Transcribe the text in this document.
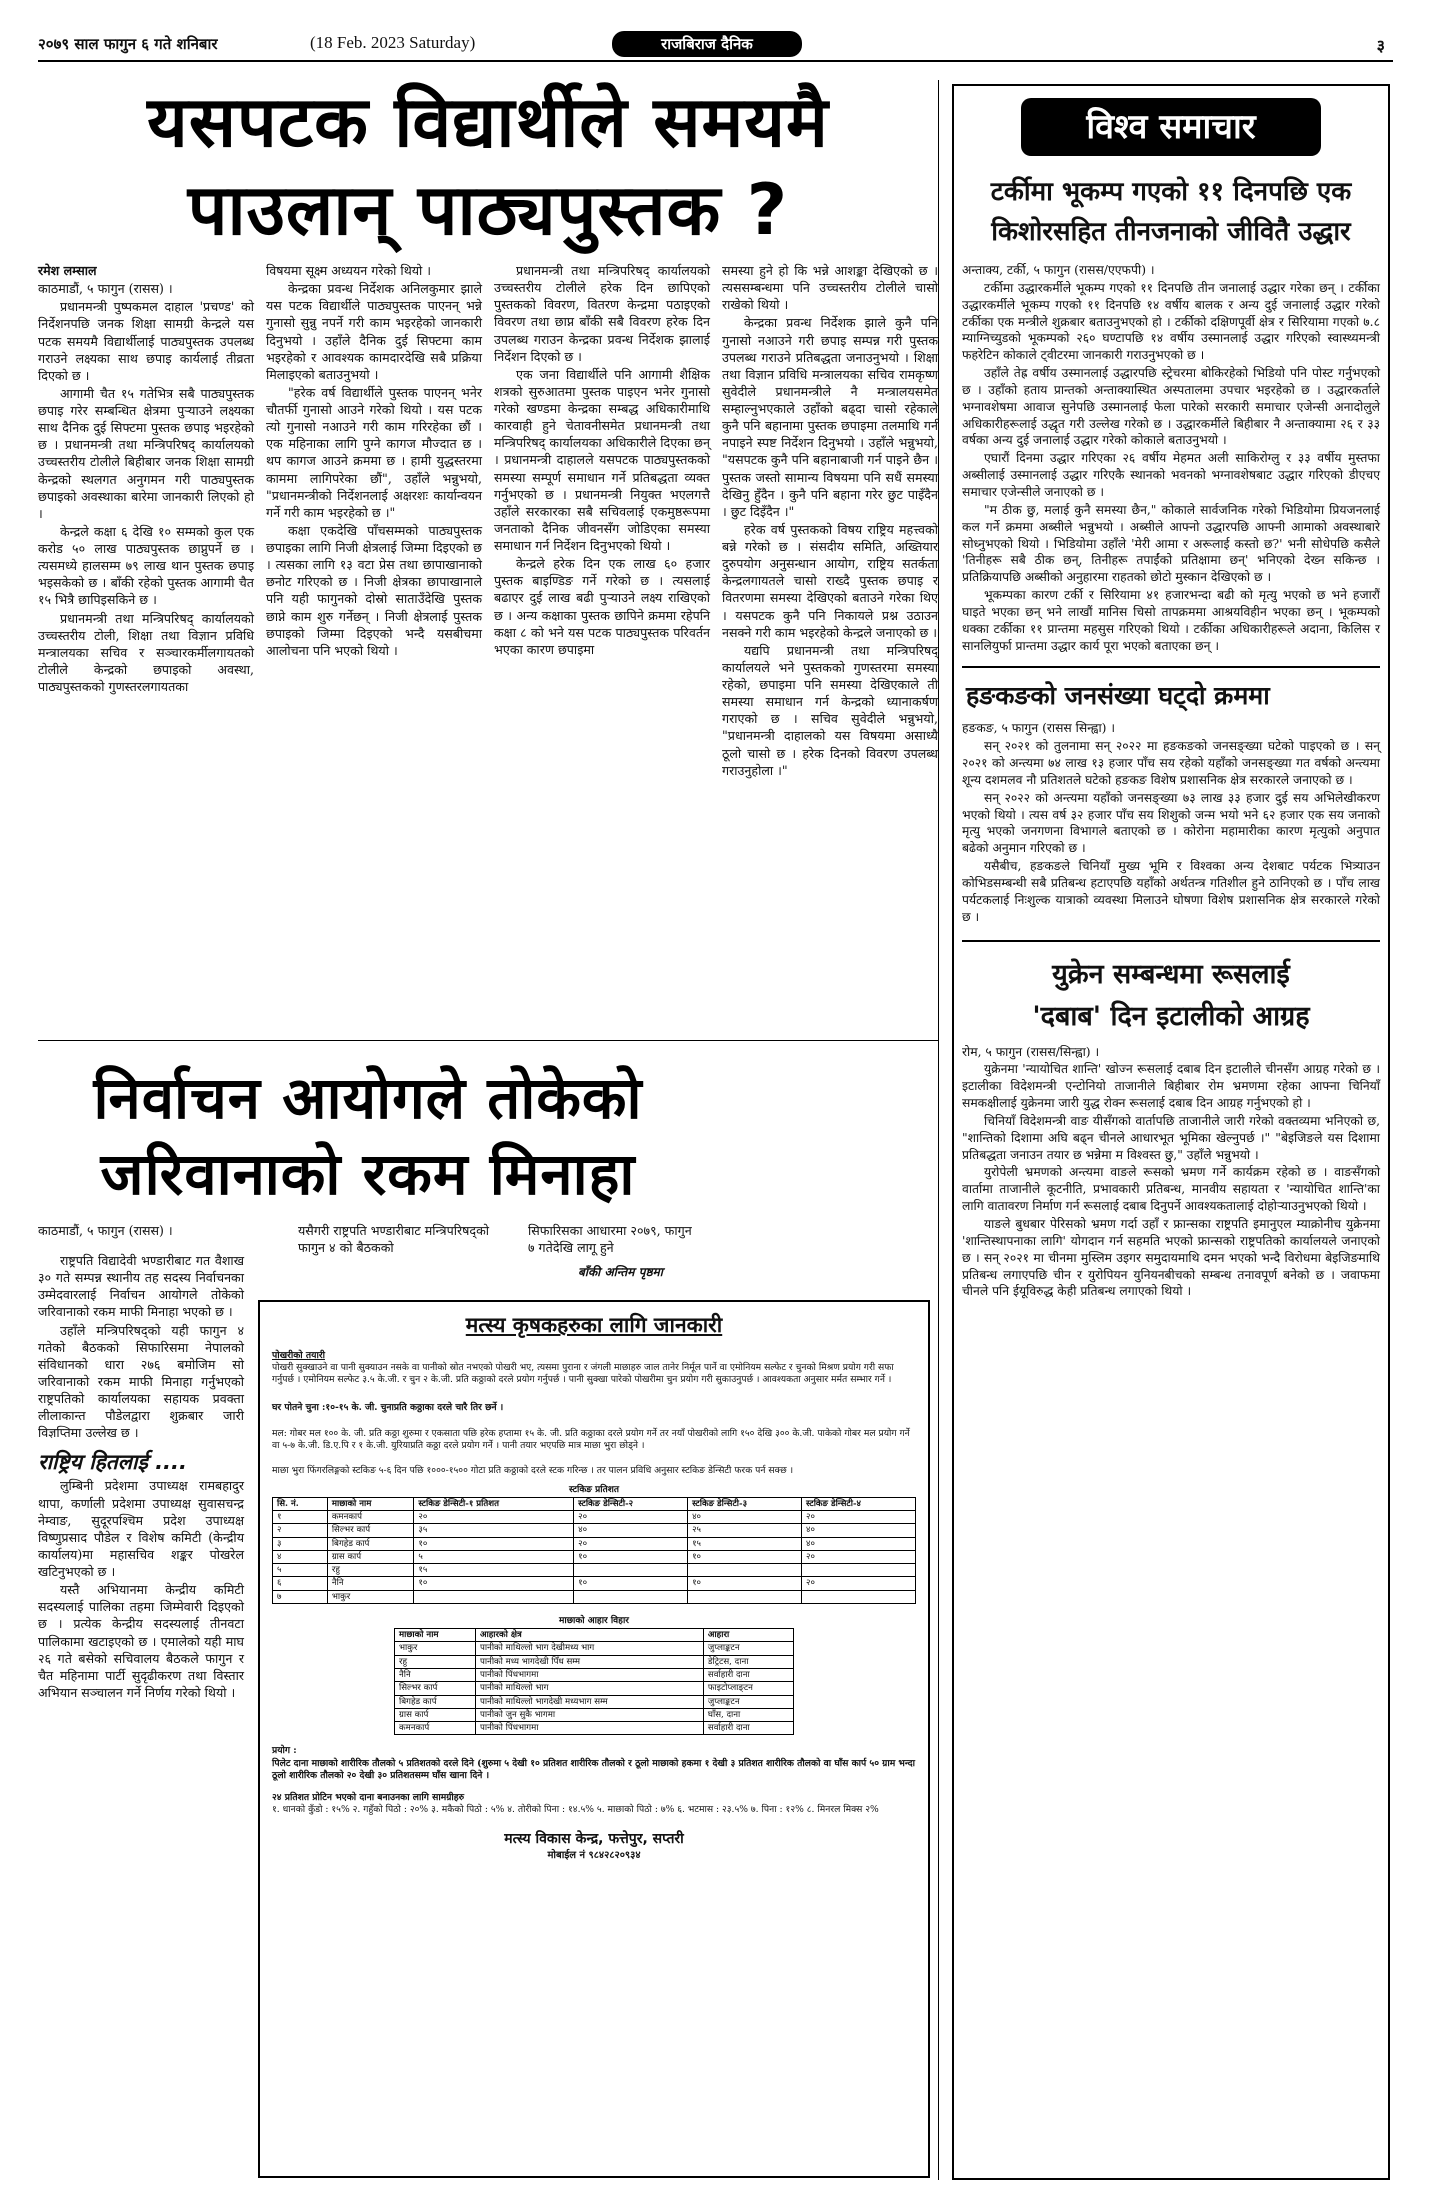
२०७९ साल फागुन ६ गते शनिबार	(18 Feb. 2023 Saturday)	राजबिराज दैनिक	३
यसपटक विद्यार्थीले समयमै
पाउलान् पाठ्यपुस्तक ?

रमेश लम्साल

काठमाडौं, ५ फागुन (रासस) ।

प्रधानमन्त्री पुष्पकमल दाहाल 'प्रचण्ड' को निर्देशनपछि जनक शिक्षा सामग्री केन्द्रले यस पटक समयमै विद्यार्थीलाई पाठ्यपुस्तक उपलब्ध गराउने लक्ष्यका साथ छपाइ कार्यलाई तीव्रता दिएको छ ।

आगामी चैत १५ गतेभित्र सबै पाठ्यपुस्तक छपाइ गरेर सम्बन्धित क्षेत्रमा पुर्‍याउने लक्ष्यका साथ दैनिक दुई सिफ्टमा पुस्तक छपाइ भइरहेको छ । प्रधानमन्त्री तथा मन्त्रिपरिषद् कार्यालयको उच्चस्तरीय टोलीले बिहीबार जनक शिक्षा सामग्री केन्द्रको स्थलगत अनुगमन गरी पाठ्यपुस्तक छपाइको अवस्थाका बारेमा जानकारी लिएको हो ।

केन्द्रले कक्षा ६ देखि १० सम्मको कुल एक करोड ५० लाख पाठ्यपुस्तक छाप्नुपर्ने छ । त्यसमध्ये हालसम्म ७९ लाख थान पुस्तक छपाइ भइसकेको छ । बाँकी रहेको पुस्तक आगामी चैत १५ भित्रै छापिइसकिने छ ।

प्रधानमन्त्री तथा मन्त्रिपरिषद् कार्यालयको उच्चस्तरीय टोली, शिक्षा तथा विज्ञान प्रविधि मन्त्रालयका सचिव र सञ्चारकर्मीलगायतको टोलीले केन्द्रको छपाइको अवस्था, पाठ्यपुस्तकको गुणस्तरलगायतका

विषयमा सूक्ष्म अध्ययन गरेको थियो ।

केन्द्रका प्रवन्ध निर्देशक अनिलकुमार झाले यस पटक विद्यार्थीले पाठ्यपुस्तक पाएनन् भन्ने गुनासो सुन्नु नपर्ने गरी काम भइरहेको जानकारी दिनुभयो । उहाँले दैनिक दुई सिफ्टमा काम भइरहेको र आवश्यक कामदारदेखि सबै प्रक्रिया मिलाइएको बताउनुभयो ।

"हरेक वर्ष विद्यार्थीले पुस्तक पाएनन् भनेर चौतर्फी गुनासो आउने गरेको थियो । यस पटक त्यो गुनासो नआउने गरी काम गरिरहेका छौं । एक महिनाका लागि पुग्ने कागज मौज्दात छ । थप कागज आउने क्रममा छ । हामी युद्धस्तरमा काममा लागिपरेका छौं", उहाँले भन्नुभयो, "प्रधानमन्त्रीको निर्देशनलाई अक्षरशः कार्यान्वयन गर्ने गरी काम भइरहेको छ ।"

कक्षा एकदेखि पाँचसम्मको पाठ्यपुस्तक छपाइका लागि निजी क्षेत्रलाई जिम्मा दिइएको छ । त्यसका लागि १३ वटा प्रेस तथा छापाखानाको छनोट गरिएको छ । निजी क्षेत्रका छापाखानाले पनि यही फागुनको दोस्रो साताउँदेखि पुस्तक छाप्ने काम शुरु गर्नेछन् । निजी क्षेत्रलाई पुस्तक छपाइको जिम्मा दिइएको भन्दै यसबीचमा आलोचना पनि भएको थियो ।

प्रधानमन्त्री तथा मन्त्रिपरिषद् कार्यालयको उच्चस्तरीय टोलीले हरेक दिन छापिएको पुस्तकको विवरण, वितरण केन्द्रमा पठाइएको विवरण तथा छाप्न बाँकी सबै विवरण हरेक दिन उपलब्ध गराउन केन्द्रका प्रवन्ध निर्देशक झालाई निर्देशन दिएको छ ।

एक जना विद्यार्थीले पनि आगामी शैक्षिक शत्रको सुरुआतमा पुस्तक पाइएन भनेर गुनासो गरेको खण्डमा केन्द्रका सम्बद्ध अधिकारीमाथि कारवाही हुने चेतावनीसमेत प्रधानमन्त्री तथा मन्त्रिपरिषद् कार्यालयका अधिकारीले दिएका छन् । प्रधानमन्त्री दाहालले यसपटक पाठ्यपुस्तकको समस्या सम्पूर्ण समाधान गर्ने प्रतिबद्धता व्यक्त गर्नुभएको छ । प्रधानमन्त्री नियुक्त भएलगत्तै उहाँले सरकारका सबै सचिवलाई एकमुष्ठरूपमा जनताको दैनिक जीवनसँग जोडिएका समस्या समाधान गर्न निर्देशन दिनुभएको थियो ।

केन्द्रले हरेक दिन एक लाख ६० हजार पुस्तक बाइण्डिङ गर्ने गरेको छ । त्यसलाई बढाएर दुई लाख बढी पुर्‍याउने लक्ष्य राखिएको छ । अन्य कक्षाका पुस्तक छापिने क्रममा रहेपनि कक्षा ८ को भने यस पटक पाठ्यपुस्तक परिवर्तन भएका कारण छपाइमा

समस्या हुने हो कि भन्ने आशङ्का देखिएको छ । त्यससम्बन्धमा पनि उच्चस्तरीय टोलीले चासो राखेको थियो ।

केन्द्रका प्रवन्ध निर्देशक झाले कुनै पनि गुनासो नआउने गरी छपाइ सम्पन्न गरी पुस्तक उपलब्ध गराउने प्रतिबद्धता जनाउनुभयो । शिक्षा तथा विज्ञान प्रविधि मन्त्रालयका सचिव रामकृष्ण सुवेदीले प्रधानमन्त्रीले नै मन्त्रालयसमेत सम्हाल्नुभएकाले उहाँको बढ्दा चासो रहेकाले कुनै पनि बहानामा पुस्तक छपाइमा तलमाथि गर्न नपाइने स्पष्ट निर्देशन दिनुभयो । उहाँले भन्नुभयो, "यसपटक कुनै पनि बहानाबाजी गर्न पाइने छैन । पुस्तक जस्तो सामान्य विषयमा पनि सधैं समस्या देखिनु हुँदैन । कुनै पनि बहाना गरेर छुट पाइँदैन । छुट दिइँदैन ।"

हरेक वर्ष पुस्तकको विषय राष्ट्रिय महत्त्वको बन्ने गरेको छ । संसदीय समिति, अख्तियार दुरुपयोग अनुसन्धान आयोग, राष्ट्रिय सतर्कता केन्द्रलगायतले चासो राख्दै पुस्तक छपाइ र वितरणमा समस्या देखिएको बताउने गरेका थिए । यसपटक कुनै पनि निकायले प्रश्न उठाउन नसक्ने गरी काम भइरहेको केन्द्रले जनाएको छ ।

यद्यपि प्रधानमन्त्री तथा मन्त्रिपरिषद् कार्यालयले भने पुस्तकको गुणस्तरमा समस्या रहेको, छपाइमा पनि समस्या देखिएकाले ती समस्या समाधान गर्न केन्द्रको ध्यानाकर्षण गराएको छ । सचिव सुवेदीले भन्नुभयो, "प्रधानमन्त्री दाहालको यस विषयमा असाध्यै ठूलो चासो छ । हरेक दिनको विवरण उपलब्ध गराउनुहोला ।"

निर्वाचन आयोगले तोकेको
जरिवानाको रकम मिनाहा
काठमाडौं, ५ फागुन (रासस) ।	यसैगरी राष्ट्रपति भण्डारीबाट मन्त्रिपरिषद्को फागुन ४ को बैठकको
सिफारिसका आधारमा २०७९, फागुन ७ गतेदेखि लागू हुने
बाँकी अन्तिम पृष्ठमा

राष्ट्रपति विद्यादेवी भण्डारीबाट गत वैशाख ३० गते सम्पन्न स्थानीय तह सदस्य निर्वाचनका उम्मेदवारलाई निर्वाचन आयोगले तोकेको जरिवानाको रकम माफी मिनाहा भएको छ ।

उहाँले मन्त्रिपरिषद्को यही फागुन ४ गतेको बैठकको सिफारिसमा नेपालको संविधानको धारा २७६ बमोजिम सो जरिवानाको रकम माफी मिनाहा गर्नुभएको राष्ट्रपतिको कार्यालयका सहायक प्रवक्ता लीलाकान्त पौडेलद्वारा शुक्रबार जारी विज्ञप्तिमा उल्लेख छ ।

राष्ट्रिय हितलाई ....

लुम्बिनी प्रदेशमा उपाध्यक्ष रामबहादुर थापा, कर्णाली प्रदेशमा उपाध्यक्ष सुवासचन्द्र नेम्वाङ, सुदूरपश्चिम प्रदेश उपाध्यक्ष विष्णुप्रसाद पौडेल र विशेष कमिटी (केन्द्रीय कार्यालय)मा महासचिव शङ्कर पोखरेल खटिनुभएको छ ।

यस्तै अभियानमा केन्द्रीय कमिटी सदस्यलाई पालिका तहमा जिम्मेवारी दिइएको छ । प्रत्येक केन्द्रीय सदस्यलाई तीनवटा पालिकामा खटाइएको छ । एमालेको यही माघ २६ गते बसेको सचिवालय बैठकले फागुन र चैत महिनामा पार्टी सुदृढीकरण तथा विस्तार अभियान सञ्चालन गर्ने निर्णय गरेको थियो ।

मत्स्य कृषकहरुका लागि जानकारी
पोखरीको तयारी
पोखरी सुक्खाउने वा पानी सुक्याउन नसके वा पानीको स्रोत नभएको पोखरी भए, त्यसमा पुराना र जंगली माछाहरु जाल तानेर निर्मूल पार्ने वा एमोनियम सल्फेट र चुनको मिश्रण प्रयोग गरी सफा गर्नुपर्छ । एमोनियम सल्फेट ३.५ के.जी. र चुन २ के.जी. प्रति कठ्ठाको दरले प्रयोग गर्नुपर्छ । पानी सुक्खा पारेको पोखरीमा चुन प्रयोग गरी सुकाउनुपर्छ । आवश्यकता अनुसार मर्मत सम्भार गर्ने ।
घर पोतने चुना :१०-१५ के. जी. चुनाप्रति कठ्ठाका दरले चारै तिर छर्ने ।
मल: गोबर मल १०० के. जी. प्रति कठ्ठा शुरुमा र एकसाता पछि हरेक हप्तामा १५ के. जी. प्रति कठ्ठाका दरले प्रयोग गर्ने तर नयाँ पोखरीको लागि १५० देखि ३०० के.जी. पाकेको गोबर मल प्रयोग गर्ने वा ५-७ के.जी. डि.ए.पि र १ के.जी. युरियाप्रति कठ्ठा दरले प्रयोग गर्ने । पानी तयार भएपछि मात्र माछा भुरा छोड्ने ।
माछा भुरा फिंगरलिङ्गको स्टकिङ ५-६ दिन पछि १०००-१५०० गोटा प्रति कठ्ठाको दरले स्टक गरिन्छ । तर पालन प्रविधि अनुसार स्टकिङ डेन्सिटी फरक पर्न सक्छ ।
स्टकिङ प्रतिशत
सि. नं.	माछाको नाम	स्टकिङ डेन्सिटी-१ प्रतिशत	स्टकिङ डेन्सिटी-२	स्टकिङ डेन्सिटी-३	स्टकिङ डेन्सिटी-४
१	कमनकार्प	२०	२०	४०	२०
२	सिल्भर कार्प	३५	४०	२५	४०
३	बिगहेड कार्प	१०	२०	१५	४०
४	ग्रास कार्प	५	१०	१०	२०
५	रहु	१५			
६	नैनि	१०	१०	१०	२०
७	भाकुर				
माछाको आहार विहार
माछाको नाम	आहारको क्षेत्र	आहारा
भाकुर	पानीको माथिल्लो भाग देखीमध्य भाग	जुप्लाङ्कटन
रहु	पानीको मध्य भागदेखी पिँध सम्म	डेट्रिटस, दाना
नैनि	पानीको पिंधभागमा	सर्वाहारी दाना
सिल्भर कार्प	पानीको माथिल्लो भाग	फाइटोप्लाङ्टन
बिगहेड कार्प	पानीको माथिल्लो भागदेखी मध्यभाग सम्म	जुप्लाङ्कटन
ग्रास कार्प	पानीको जुन सुकै भागमा	घाँस, दाना
कमनकार्प	पानीको पिंधभागमा	सर्वाहारी दाना
प्रयोग :
पिलेट दाना माछाको शारीरिक तौलको ५ प्रतिशतको दरले दिने (शुरुमा ५ देखी १० प्रतिशत शारीरिक तौलको र ठूलो माछाको हकमा १ देखी ३ प्रतिशत शारीरिक तौलको वा घाँस कार्प ५० ग्राम भन्दा ठूलो शारीरिक तौलको २० देखी ३० प्रतिशतसम्म घाँस खाना दिने ।
२४ प्रतिशत प्रोटिन भएको दाना बनाउनका लागि सामग्रीहरु
१. धानको कुँडो : १५% २. गहुँको पिठो : २०% ३. मकैको पिठो : ५% ४. तोरीको पिना : १४.५% ५. माछाको पिठो : ७% ६. भटमास : २३.५% ७. पिना : १२% ८. मिनरल मिक्स २%
मत्स्य विकास केन्द्र, फत्तेपुर, सप्तरी
मोबाईल नं ९८४२८२०९३४
विश्व समाचार
टर्कीमा भूकम्प गएको ११ दिनपछि एक किशोरसहित तीनजनाको जीवितै उद्धार

अन्ताक्य, टर्की, ५ फागुन (रासस/एएफपी) ।

टर्कीमा उद्धारकर्मीले भूकम्प गएको ११ दिनपछि तीन जनालाई उद्धार गरेका छन् । टर्कीका उद्धारकर्मीले भूकम्प गएको ११ दिनपछि १४ वर्षीय बालक र अन्य दुई जनालाई उद्धार गरेको टर्कीका एक मन्त्रीले शुक्रबार बताउनुभएको हो । टर्कीको दक्षिणपूर्वी क्षेत्र र सिरियामा गएको ७.८ म्याग्निच्युडको भूकम्पको २६० घण्टापछि १४ वर्षीय उस्मानलाई उद्धार गरिएको स्वास्थ्यमन्त्री फहरेटिन कोकाले ट्वीटरमा जानकारी गराउनुभएको छ ।

उहाँले तेह्र वर्षीय उस्मानलाई उद्धारपछि स्ट्रेचरमा बोकिरहेको भिडियो पनि पोस्ट गर्नुभएको छ । उहाँको हताय प्रान्तको अन्ताक्यास्थित अस्पतालमा उपचार भइरहेको छ । उद्धारकर्ताले भग्नावशेषमा आवाज सुनेपछि उस्मानलाई फेला पारेको सरकारी समाचार एजेन्सी अनादोलुले अधिकारीहरूलाई उद्धृत गरी उल्लेख गरेको छ । उद्धारकर्मीले बिहीबार नै अन्ताक्यामा २६ र ३३ वर्षका अन्य दुई जनालाई उद्धार गरेको कोकाले बताउनुभयो ।

एघारौं दिनमा उद्धार गरिएका २६ वर्षीय मेहमत अली साकिरोग्लु र ३३ वर्षीय मुस्तफा अब्सीलाई उस्मानलाई उद्धार गरिएकै स्थानको भवनको भग्नावशेषबाट उद्धार गरिएको डीएचए समाचार एजेन्सीले जनाएको छ ।

"म ठीक छु, मलाई कुनै समस्या छैन," कोकाले सार्वजनिक गरेको भिडियोमा प्रियजनलाई कल गर्ने क्रममा अब्सीले भन्नुभयो । अब्सीले आफ्नो उद्धारपछि आफ्नी आमाको अवस्थाबारे सोध्नुभएको थियो । भिडियोमा उहाँले 'मेरी आमा र अरूलाई कस्तो छ?' भनी सोधेपछि कसैले 'तिनीहरू सबै ठीक छन्, तिनीहरू तपाईंको प्रतिक्षामा छन्' भनिएको देख्न सकिन्छ । प्रतिक्रियापछि अब्सीको अनुहारमा राहतको छोटो मुस्कान देखिएको छ ।

भूकम्पका कारण टर्की र सिरियामा ४१ हजारभन्दा बढी को मृत्यु भएको छ भने हजारौं घाइते भएका छन् भने लाखौं मानिस चिसो तापक्रममा आश्रयविहीन भएका छन् । भूकम्पको धक्का टर्कीका ११ प्रान्तमा महसुस गरिएको थियो । टर्कीका अधिकारीहरूले अदाना, किलिस र सानलियुर्फा प्रान्तमा उद्धार कार्य पूरा भएको बताएका छन् ।

हङकङको जनसंख्या घट्दो क्रममा

हङकङ, ५ फागुन (रासस सिन्ह्वा) ।

सन् २०२१ को तुलनामा सन् २०२२ मा हङकङको जनसङ्ख्या घटेको पाइएको छ । सन् २०२१ को अन्त्यमा ७४ लाख १३ हजार पाँच सय रहेको यहाँको जनसङ्ख्या गत वर्षको अन्त्यमा शून्य दशमलव नौ प्रतिशतले घटेको हङकङ विशेष प्रशासनिक क्षेत्र सरकारले जनाएको छ ।

सन् २०२२ को अन्त्यमा यहाँको जनसङ्ख्या ७३ लाख ३३ हजार दुई सय अभिलेखीकरण भएको थियो । त्यस वर्ष ३२ हजार पाँच सय शिशुको जन्म भयो भने ६२ हजार एक सय जनाको मृत्यु भएको जनगणना विभागले बताएको छ । कोरोना महामारीका कारण मृत्युको अनुपात बढेको अनुमान गरिएको छ ।

यसैबीच, हङकङले चिनियाँ मुख्य भूमि र विश्वका अन्य देशबाट पर्यटक भित्र्याउन कोभिडसम्बन्धी सबै प्रतिबन्ध हटाएपछि यहाँको अर्थतन्त्र गतिशील हुने ठानिएको छ । पाँच लाख पर्यटकलाई निःशुल्क यात्राको व्यवस्था मिलाउने घोषणा विशेष प्रशासनिक क्षेत्र सरकारले गरेको छ ।

युक्रेन सम्बन्धमा रूसलाई
'दबाब' दिन इटालीको आग्रह

रोम, ५ फागुन (रासस/सिन्ह्वा) ।

युक्रेनमा 'न्यायोचित शान्ति' खोज्न रूसलाई दबाब दिन इटालीले चीनसँग आग्रह गरेको छ । इटालीका विदेशमन्त्री एन्टोनियो ताजानीले बिहीबार रोम भ्रमणमा रहेका आफ्ना चिनियाँ समकक्षीलाई युक्रेनमा जारी युद्ध रोक्न रूसलाई दबाब दिन आग्रह गर्नुभएको हो ।

चिनियाँ विदेशमन्त्री वाङ यीसँगको वार्तापछि ताजानीले जारी गरेको वक्तव्यमा भनिएको छ, "शान्तिको दिशामा अघि बढ्न चीनले आधारभूत भूमिका खेल्नुपर्छ ।" "बेइजिङले यस दिशामा प्रतिबद्धता जनाउन तयार छ भन्नेमा म विश्वस्त छु," उहाँले भन्नुभयो ।

युरोपेली भ्रमणको अन्त्यमा वाङले रूसको भ्रमण गर्ने कार्यक्रम रहेको छ । वाङसँगको वार्तामा ताजानीले कूटनीति, प्रभावकारी प्रतिबन्ध, मानवीय सहायता र 'न्यायोचित शान्ति'का लागि वातावरण निर्माण गर्न रूसलाई दबाब दिनुपर्ने आवश्यकतालाई दोहोर्‍याउनुभएको थियो ।

याङले बुधबार पेरिसको भ्रमण गर्दा उहाँ र फ्रान्सका राष्ट्रपति इमानुएल म्याक्रोनीच युक्रेनमा 'शान्तिस्थापनाका लागि' योगदान गर्न सहमति भएको फ्रान्सको राष्ट्रपतिको कार्यालयले जनाएको छ । सन् २०२१ मा चीनमा मुस्लिम उइगर समुदायमाथि दमन भएको भन्दै विरोधमा बेइजिङमाथि प्रतिबन्ध लगाएपछि चीन र युरोपियन युनियनबीचको सम्बन्ध तनावपूर्ण बनेको छ । जवाफमा चीनले पनि ईयूविरुद्ध केही प्रतिबन्ध लगाएको थियो ।
